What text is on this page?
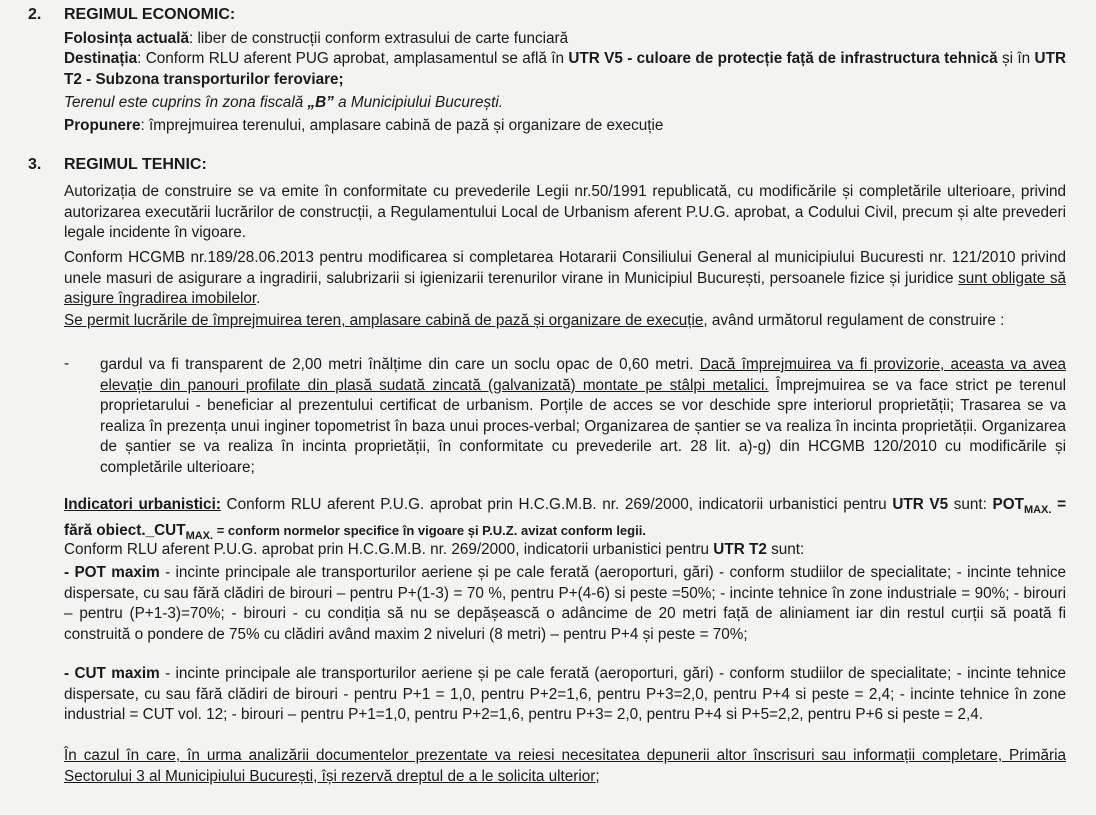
2. REGIMUL ECONOMIC:
Folosința actuală: liber de construcții conform extrasului de carte funciară
Destinația: Conform RLU aferent PUG aprobat, amplasamentul se află în UTR V5 - culoare de protecție față de infrastructura tehnică și în UTR T2 - Subzona transporturilor feroviare;
Terenul este cuprins în zona fiscală „B” a Municipiului București.
Propunere: împrejmuirea terenului, amplasare cabină de pază și organizare de execuție
3. REGIMUL TEHNIC:
Autorizația de construire se va emite în conformitate cu prevederile Legii nr.50/1991 republicată, cu modificările și completările ulterioare, privind autorizarea executării lucrărilor de construcții, a Regulamentului Local de Urbanism aferent P.U.G. aprobat, a Codului Civil, precum și alte prevederi legale incidente în vigoare.
Conform HCGMB nr.189/28.06.2013 pentru modificarea si completarea Hotararii Consiliului General al municipiului Bucuresti nr. 121/2010 privind unele masuri de asigurare a ingradirii, salubrizarii si igienizarii terenurilor virane in Municipiul București, persoanele fizice și juridice sunt obligate să asigure îngradirea imobilelor.
Se permit lucrările de împrejmuirea teren, amplasare cabină de pază și organizare de execuție, având următorul regulament de construire :
- gardul va fi transparent de 2,00 metri înălțime din care un soclu opac de 0,60 metri. Dacă împrejmuirea va fi provizorie, aceasta va avea elevație din panouri profilate din plasă sudată zincată (galvanizată) montate pe stâlpi metalici. Împrejmuirea se va face strict pe terenul proprietarului - beneficiar al prezentului certificat de urbanism. Porțile de acces se vor deschide spre interiorul proprietății; Trasarea se va realiza în prezența unui inginer topometrist în baza unui proces-verbal; Organizarea de șantier se va realiza în incinta proprietății. Organizarea de șantier se va realiza în incinta proprietății, în conformitate cu prevederile art. 28 lit. a)-g) din HCGMB 120/2010 cu modificările și completările ulterioare;
Indicatori urbanistici: Conform RLU aferent P.U.G. aprobat prin H.C.G.M.B. nr. 269/2000, indicatorii urbanistici pentru UTR V5 sunt: $POT_{MAX.}$ = fără $obiect.\_CUT_{MAX.}$ = conform normelor specifice în vigoare și P.U.Z. avizat conform legii.
Conform RLU aferent P.U.G. aprobat prin H.C.G.M.B. nr. 269/2000, indicatorii urbanistici pentru UTR T2 sunt:
- POT maxim - incinte principale ale transporturilor aeriene și pe cale ferată (aeroporturi, gări) - conform studiilor de specialitate; - incinte tehnice dispersate, cu sau fără clădiri de birouri – pentru P+(1-3) = 70 %, pentru P+(4-6) si peste =50%; - incinte tehnice în zone industriale = 90%; - birouri – pentru (P+1-3)=70%; - birouri - cu condiția să nu se depășească o adâncime de 20 metri față de aliniament iar din restul curții să poată fi construită o pondere de 75% cu clădiri având maxim 2 niveluri (8 metri) – pentru P+4 și peste = 70%;
- CUT maxim - incinte principale ale transporturilor aeriene și pe cale ferată (aeroporturi, gări) - conform studiilor de specialitate; - incinte tehnice dispersate, cu sau fără clădiri de birouri - pentru P+1 = 1,0, pentru P+2=1,6, pentru P+3=2,0, pentru P+4 si peste = 2,4; - incinte tehnice în zone industrial = CUT vol. 12; - birouri – pentru P+1=1,0, pentru P+2=1,6, pentru P+3= 2,0, pentru P+4 si P+5=2,2, pentru P+6 si peste = 2,4.
În cazul în care, în urma analizării documentelor prezentate va reiesi necesitatea depunerii altor înscrisuri sau informații completare, Primăria Sectorului 3 al Municipiului București, își rezervă dreptul de a le solicita ulterior;
